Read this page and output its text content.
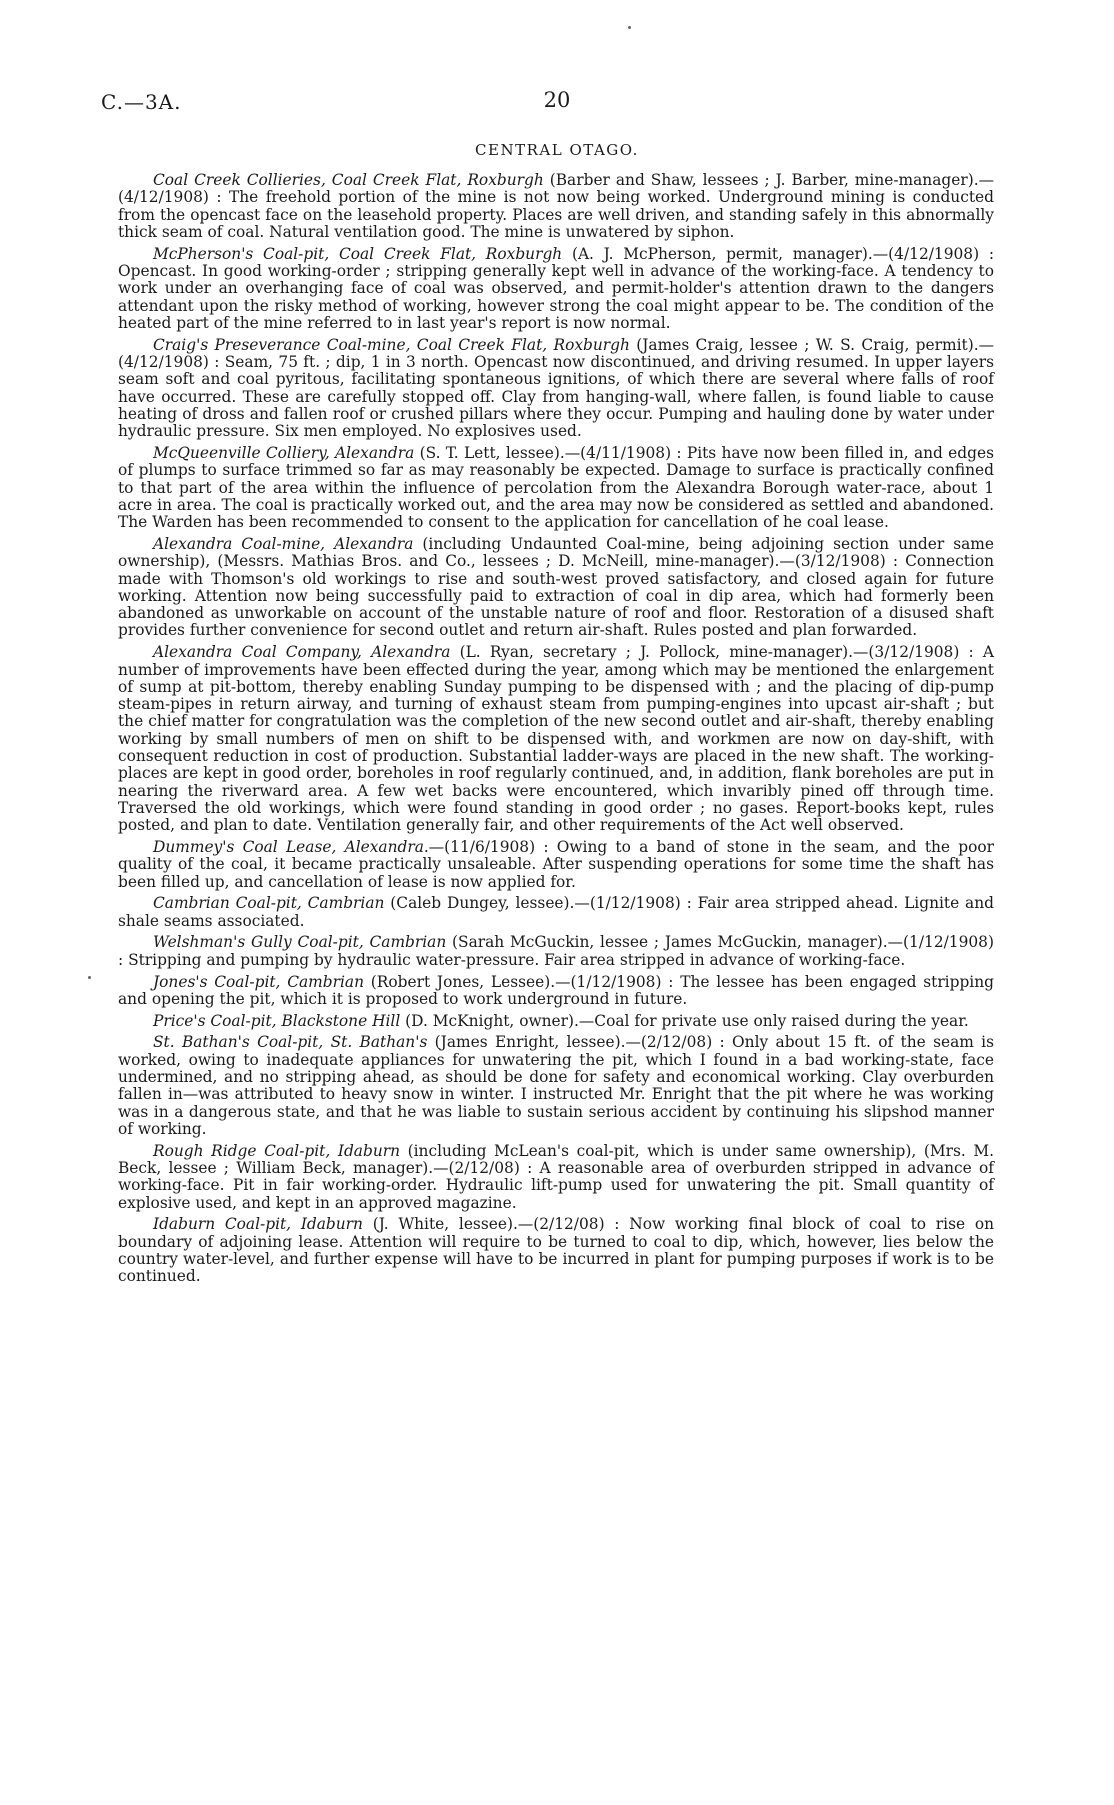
C.—3A.	20
CENTRAL OTAGO.

Coal Creek Collieries, Coal Creek Flat, Roxburgh (Barber and Shaw, lessees ; J. Barber, mine-manager).—(4/12/1908) : The freehold portion of the mine is not now being worked. Underground mining is conducted from the opencast face on the leasehold property. Places are well driven, and standing safely in this abnormally thick seam of coal. Natural ventilation good. The mine is unwatered by siphon.

McPherson's Coal-pit, Coal Creek Flat, Roxburgh (A. J. McPherson, permit, manager).—(4/12/1908) : Opencast. In good working-order ; stripping generally kept well in advance of the working-face. A tendency to work under an overhanging face of coal was observed, and permit-holder's attention drawn to the dangers attendant upon the risky method of working, however strong the coal might appear to be. The condition of the heated part of the mine referred to in last year's report is now normal.

Craig's Preseverance Coal-mine, Coal Creek Flat, Roxburgh (James Craig, lessee ; W. S. Craig, permit).—(4/12/1908) : Seam, 75 ft. ; dip, 1 in 3 north. Opencast now discontinued, and driving resumed. In upper layers seam soft and coal pyritous, facilitating spontaneous ignitions, of which there are several where falls of roof have occurred. These are carefully stopped off. Clay from hanging-wall, where fallen, is found liable to cause heating of dross and fallen roof or crushed pillars where they occur. Pumping and hauling done by water under hydraulic pressure. Six men employed. No explosives used.

McQueenville Colliery, Alexandra (S. T. Lett, lessee).—(4/11/1908) : Pits have now been filled in, and edges of plumps to surface trimmed so far as may reasonably be expected. Damage to surface is practically confined to that part of the area within the influence of percolation from the Alexandra Borough water-race, about 1 acre in area. The coal is practically worked out, and the area may now be considered as settled and abandoned. The Warden has been recommended to consent to the application for cancellation of he coal lease.

Alexandra Coal-mine, Alexandra (including Undaunted Coal-mine, being adjoining section under same ownership), (Messrs. Mathias Bros. and Co., lessees ; D. McNeill, mine-manager).—(3/12/1908) : Connection made with Thomson's old workings to rise and south-west proved satisfactory, and closed again for future working. Attention now being successfully paid to extraction of coal in dip area, which had formerly been abandoned as unworkable on account of the unstable nature of roof and floor. Restoration of a disused shaft provides further convenience for second outlet and return air-shaft. Rules posted and plan forwarded.

Alexandra Coal Company, Alexandra (L. Ryan, secretary ; J. Pollock, mine-manager).—(3/12/1908) : A number of improvements have been effected during the year, among which may be mentioned the enlargement of sump at pit-bottom, thereby enabling Sunday pumping to be dispensed with ; and the placing of dip-pump steam-pipes in return airway, and turning of exhaust steam from pumping-engines into upcast air-shaft ; but the chief matter for congratulation was the completion of the new second outlet and air-shaft, thereby enabling working by small numbers of men on shift to be dispensed with, and workmen are now on day-shift, with consequent reduction in cost of production. Substantial ladder-ways are placed in the new shaft. The working-places are kept in good order, boreholes in roof regularly continued, and, in addition, flank boreholes are put in nearing the riverward area. A few wet backs were encountered, which invaribly pined off through time. Traversed the old workings, which were found standing in good order ; no gases. Report-books kept, rules posted, and plan to date. Ventilation generally fair, and other requirements of the Act well observed.

Dummey's Coal Lease, Alexandra.—(11/6/1908) : Owing to a band of stone in the seam, and the poor quality of the coal, it became practically unsaleable. After suspending operations for some time the shaft has been filled up, and cancellation of lease is now applied for.

Cambrian Coal-pit, Cambrian (Caleb Dungey, lessee).—(1/12/1908) : Fair area stripped ahead. Lignite and shale seams associated.

Welshman's Gully Coal-pit, Cambrian (Sarah McGuckin, lessee ; James McGuckin, manager).—(1/12/1908) : Stripping and pumping by hydraulic water-pressure. Fair area stripped in advance of working-face.

Jones's Coal-pit, Cambrian (Robert Jones, Lessee).—(1/12/1908) : The lessee has been engaged stripping and opening the pit, which it is proposed to work underground in future.

Price's Coal-pit, Blackstone Hill (D. McKnight, owner).—Coal for private use only raised during the year.

St. Bathan's Coal-pit, St. Bathan's (James Enright, lessee).—(2/12/08) : Only about 15 ft. of the seam is worked, owing to inadequate appliances for unwatering the pit, which I found in a bad working-state, face undermined, and no stripping ahead, as should be done for safety and economical working. Clay overburden fallen in—was attributed to heavy snow in winter. I instructed Mr. Enright that the pit where he was working was in a dangerous state, and that he was liable to sustain serious accident by continuing his slipshod manner of working.

Rough Ridge Coal-pit, Idaburn (including McLean's coal-pit, which is under same ownership), (Mrs. M. Beck, lessee ; William Beck, manager).—(2/12/08) : A reasonable area of overburden stripped in advance of working-face. Pit in fair working-order. Hydraulic lift-pump used for unwatering the pit. Small quantity of explosive used, and kept in an approved magazine.

Idaburn Coal-pit, Idaburn (J. White, lessee).—(2/12/08) : Now working final block of coal to rise on boundary of adjoining lease. Attention will require to be turned to coal to dip, which, however, lies below the country water-level, and further expense will have to be incurred in plant for pumping purposes if work is to be continued.
